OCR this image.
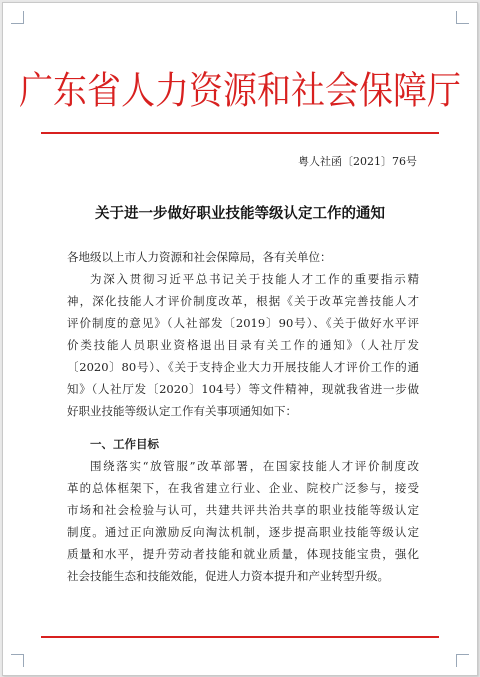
广东省人力资源和社会保障厅
粤人社函〔2021〕76号
关于进一步做好职业技能等级认定工作的通知
各地级以上市人力资源和社会保障局，各有关单位：
为深入贯彻习近平总书记关于技能人才工作的重要指示精
神，深化技能人才评价制度改革，根据《关于改革完善技能人才
评价制度的意见》（人社部发〔2019〕90号）、《关于做好水平评
价类技能人员职业资格退出目录有关工作的通知》（人社厅发
〔2020〕80号）、《关于支持企业大力开展技能人才评价工作的通
知》（人社厅发〔2020〕104号）等文件精神，现就我省进一步做
好职业技能等级认定工作有关事项通知如下：
一、工作目标
围绕落实“放管服”改革部署，在国家技能人才评价制度改
革的总体框架下，在我省建立行业、企业、院校广泛参与，接受
市场和社会检验与认可，共建共评共治共享的职业技能等级认定
制度。通过正向激励反向淘汰机制，逐步提高职业技能等级认定
质量和水平，提升劳动者技能和就业质量，体现技能宝贵，强化
社会技能生态和技能效能，促进人力资本提升和产业转型升级。
